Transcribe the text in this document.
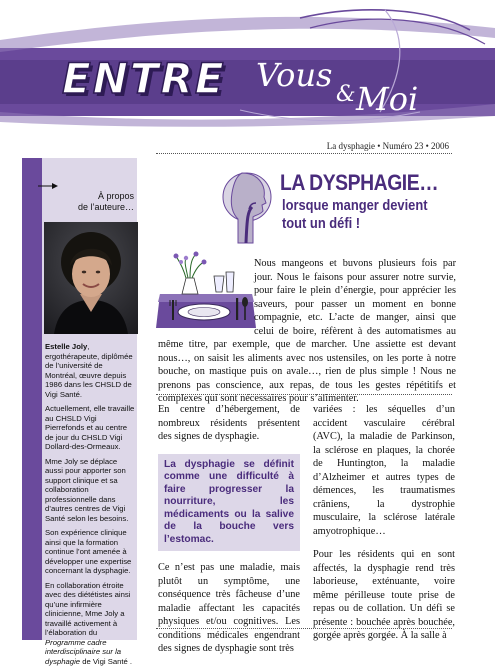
ENTRE Vous
& Moi
La dysphagie • Numéro 23 • 2006
À propos
de l’auteure…

Estelle Joly, ergothérapeute, diplômée de l’université de Montréal, œuvre depuis 1986 dans les CHSLD de Vigi Santé.

Actuellement, elle travaille au CHSLD Vigi Pierrefonds et au centre de jour du CHSLD Vigi Dollard-des-Ormeaux.

Mme Joly se déplace aussi pour apporter son support clinique et sa collaboration professionnelle dans d’autres centres de Vigi Santé selon les besoins.

Son expérience clinique ainsi que la formation continue l’ont amenée à développer une expertise concernant la dysphagie.

En collaboration étroite avec des diététistes ainsi qu’une infirmière clinicienne, Mme Joly a travaillé activement à l’élaboration du Programme cadre interdisciplinaire sur la dysphagie de Vigi Santé .

LA DYSPHAGIE…
lorsque manger devient
tout un défi !
Nous mangeons et buvons plusieurs fois par jour. Nous le faisons pour assurer notre survie, pour faire le plein d’énergie, pour apprécier les saveurs, pour passer un moment en bonne compagnie, etc. L’acte de manger, ainsi que celui de boire, réfèrent à des automatismes au même titre, par exemple, que de marcher. Une assiette est devant nous…, on saisit les aliments avec nos ustensiles, on les porte à notre bouche, on mastique puis on avale…, rien de plus simple ! Nous ne prenons pas conscience, aux repas, de tous les gestes répétitifs et complexes qui sont nécessaires pour s’alimenter.

En centre d’hébergement, de nombreux résidents présentent des signes de dysphagie.

La dysphagie se définit comme une difficulté à faire progresser la nourriture, les médicaments ou la salive de la bouche vers l’estomac.

Ce n’est pas une maladie, mais plutôt un symptôme, une conséquence très fâcheuse d’une maladie affectant les capacités physiques et/ou cognitives. Les conditions médicales engendrant des signes de dysphagie sont très

variées : les séquelles d’un accident vasculaire cérébral (AVC), la maladie de Parkinson, la sclérose en plaques, la chorée de Huntington, la maladie d’Alzheimer et autres types de démences, les traumatismes crâniens, la dystrophie musculaire, la sclérose latérale amyotrophique…

Pour les résidents qui en sont affectés, la dysphagie rend très laborieuse, exténuante, voire même périlleuse toute prise de repas ou de collation. Un défi se présente : bouchée après bouchée, gorgée après gorgée. À la salle à
